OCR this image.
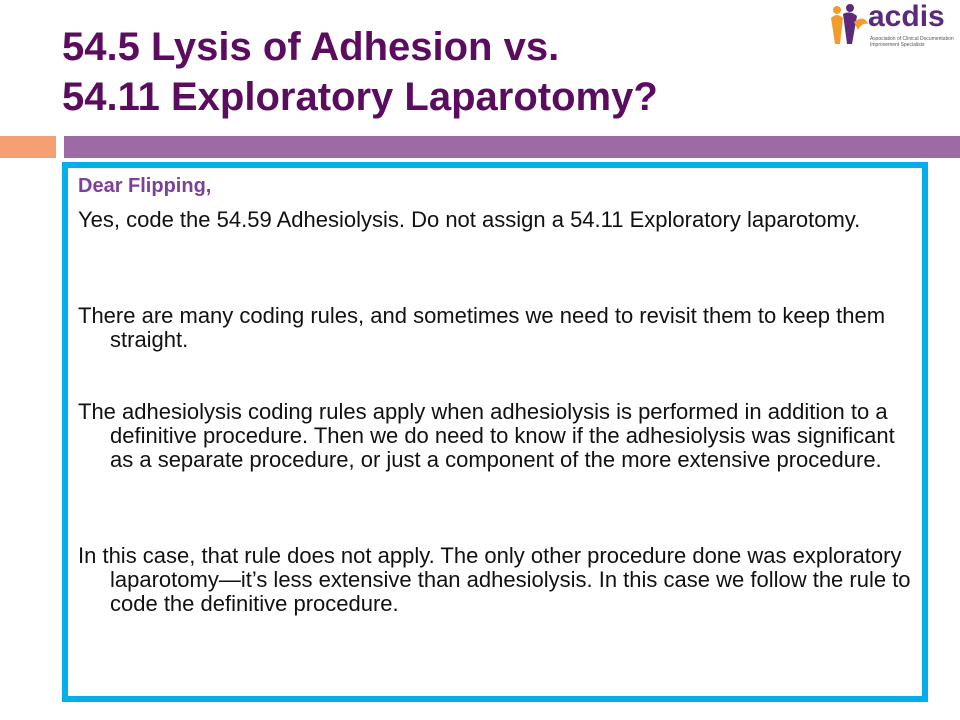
54.5 Lysis of Adhesion vs.
54.11 Exploratory Laparotomy?
acdis
Association of Clinical Documentation Improvement Specialists

Dear Flipping,

Yes, code the 54.59 Adhesiolysis. Do not assign a 54.11 Exploratory laparotomy.

There are many coding rules, and sometimes we need to revisit them to keep them straight.

The adhesiolysis coding rules apply when adhesiolysis is performed in addition to a definitive procedure. Then we do need to know if the adhesiolysis was significant as a separate procedure, or just a component of the more extensive procedure.

In this case, that rule does not apply. The only other procedure done was exploratory laparotomy—it’s less extensive than adhesiolysis. In this case we follow the rule to code the definitive procedure.
